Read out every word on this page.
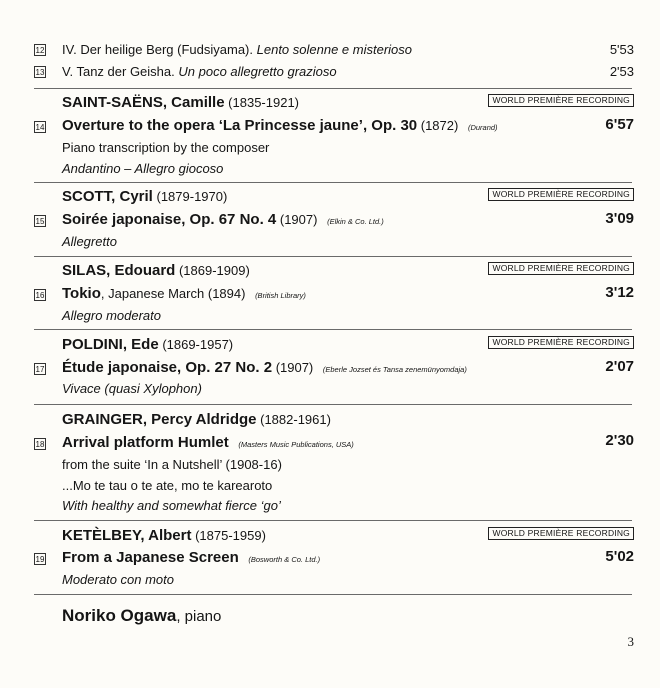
12 IV. Der heilige Berg (Fudsiyama). Lento solenne e misterioso	5'53
13 V. Tanz der Geisha. Un poco allegretto grazioso	2'53
SAINT-SAËNS, Camille (1835-1921)	WORLD PREMIÈRE RECORDING
14 Overture to the opera ‘La Princesse jaune’, Op. 30 (1872) (Durand)	6'57
Piano transcription by the composer
Andantino – Allegro giocoso
SCOTT, Cyril (1879-1970)	WORLD PREMIÈRE RECORDING
15 Soirée japonaise, Op. 67 No. 4 (1907) (Elkin & Co. Ltd.)	3'09
Allegretto
SILAS, Edouard (1869-1909)	WORLD PREMIÈRE RECORDING
16 Tokio, Japanese March (1894) (British Library)	3'12
Allegro moderato
POLDINI, Ede (1869-1957)	WORLD PREMIÈRE RECORDING
17 Étude japonaise, Op. 27 No. 2 (1907) (Eberle Jozset és Tansa zenemünyomdaja)	2'07
Vivace (quasi Xylophon)
GRAINGER, Percy Aldridge (1882-1961)
18 Arrival platform Humlet (Masters Music Publications, USA)	2'30
from the suite ‘In a Nutshell’ (1908-16)
...Mo te tau o te ate, mo te karearoto
With healthy and somewhat fierce ‘go’
KETÈLBEY, Albert (1875-1959)	WORLD PREMIÈRE RECORDING
19 From a Japanese Screen (Bosworth & Co. Ltd.)	5'02
Moderato con moto
Noriko Ogawa, piano
3
